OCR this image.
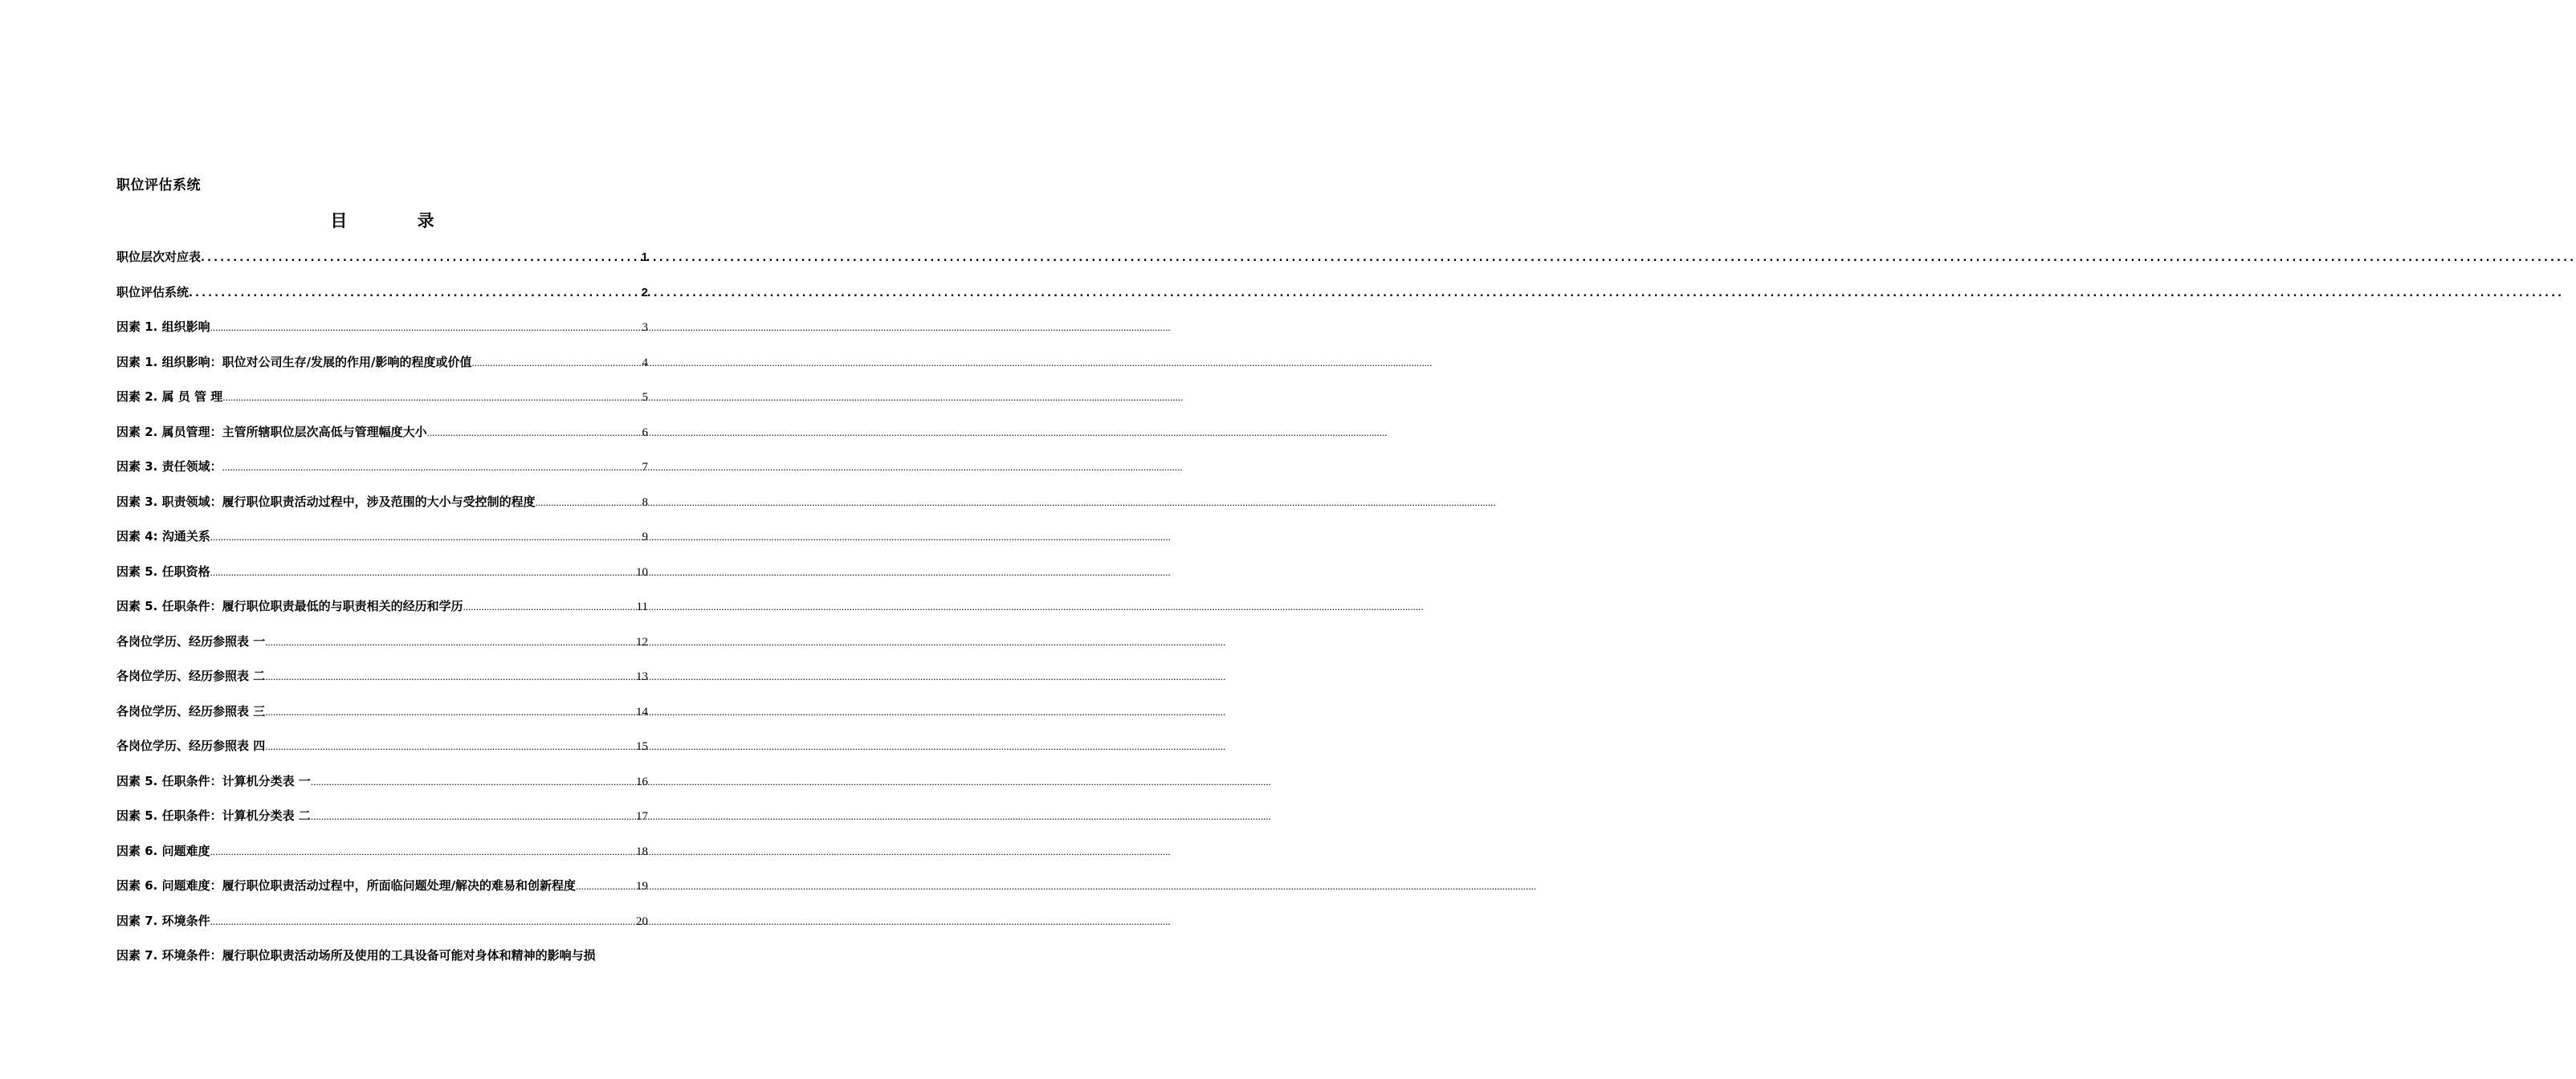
职位评估系统
目 录
职位层次对应表 .....	1
职位评估系统 .....	2
因素 1. 组织影响 .....	3
因素 1. 组织影响：职位对公司生存/发展的作用/影响的程度或价值 .....	4
因素 2. 属 员 管 理 .....	5
因素 2. 属员管理：主管所辖职位层次高低与管理幅度大小 .....	6
因素 3. 责任领域： .....	7
因素 3. 职责领域：履行职位职责活动过程中，涉及范围的大小与受控制的程度 .....	8
因素 4: 沟通关系 .....	9
因素 5. 任职资格 .....	10
因素 5. 任职条件：履行职位职责最低的与职责相关的经历和学历 .....	11
各岗位学历、经历参照表 一 .....	12
各岗位学历、经历参照表 二 .....	13
各岗位学历、经历参照表 三 .....	14
各岗位学历、经历参照表 四 .....	15
因素 5. 任职条件：计算机分类表 一 .....	16
因素 5. 任职条件：计算机分类表 二 .....	17
因素 6. 问题难度 .....	18
因素 6. 问题难度：履行职位职责活动过程中，所面临问题处理/解决的难易和创新程度 .....	19
因素 7. 环境条件 .....	20
因素 7. 环境条件：履行职位职责活动场所及使用的工具设备可能对身体和精神的影响与损
